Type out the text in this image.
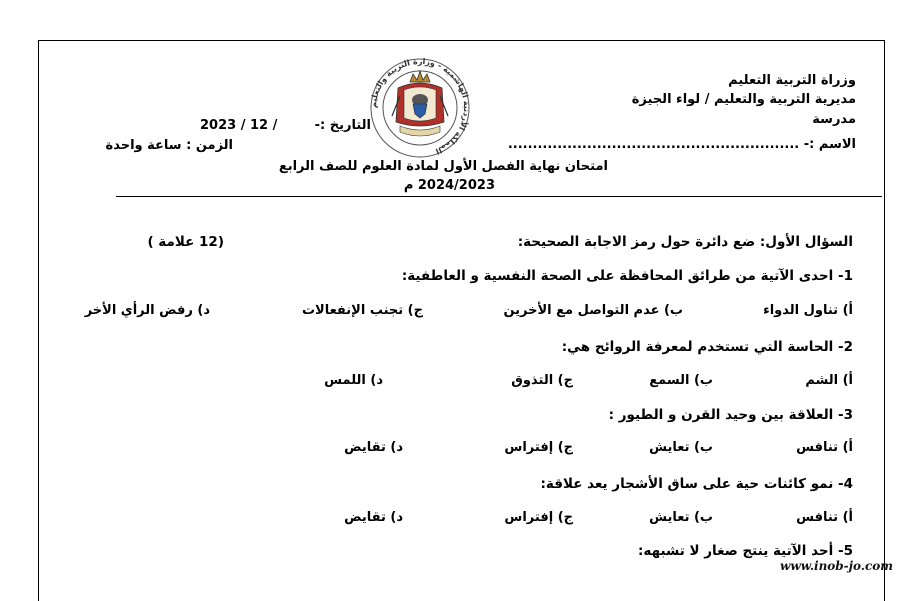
وزراة التربية التعليم
مديرية التربية والتعليم / لواء الجيزة
مدرسة
الاسم :- ...........................................................
المملكة الأردنية الهاشمية - وزارة التربية والتعليم
التاريخ :-
2023 / 12 /
الزمن : ساعة واحدة
امتحان نهاية الفصل الأول لمادة العلوم للصف الرابع
2024/2023 م
السؤال الأول: ضع دائرة حول رمز الاجابة الصحيحة:
(12 علامة )
1- احدى الآتية من طرائق المحافظة على الصحة النفسية و العاطفية:
أ) تناول الدواء
ب) عدم التواصل مع الأخرين
ج) تجنب الإنفعالات
د) رفض الرأي الأخر
2- الحاسة التي تستخدم لمعرفة الروائح هي:
أ) الشم
ب) السمع
ج) التذوق
د) اللمس
3- العلاقة بين وحيد القرن و الطيور :
أ) تنافس
ب) تعايش
ج) إفتراس
د) تقايض
4- نمو كائنات حية على ساق الأشجار يعد علاقة:
أ) تنافس
ب) تعايش
ج) إفتراس
د) تقايض
5- أحد الآتية ينتج صغار لا تشبهه:
www.inob-jo.com
